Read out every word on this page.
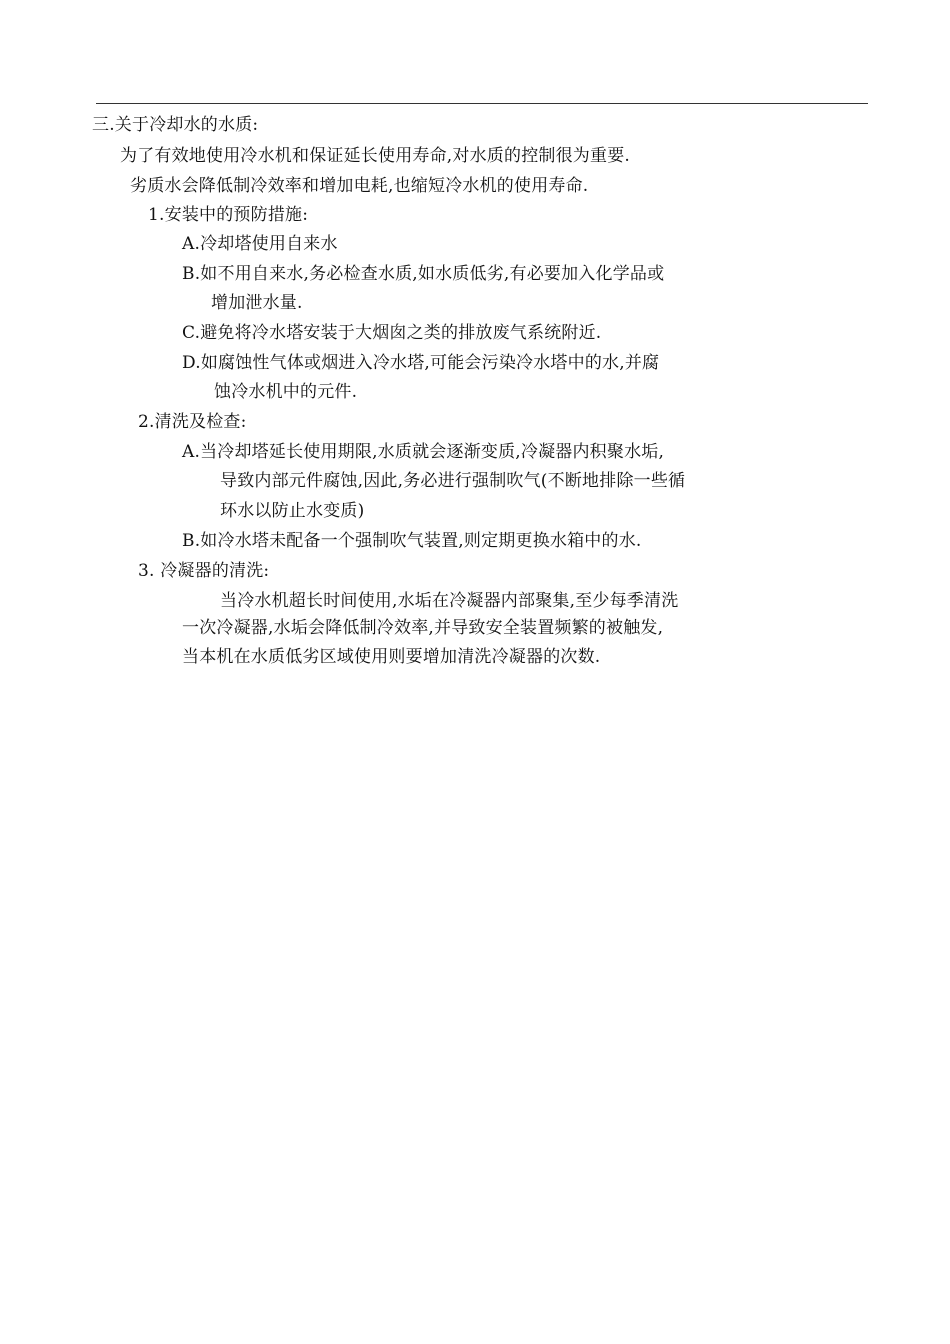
三.关于冷却水的水质:
为了有效地使用冷水机和保证延长使用寿命,对水质的控制很为重要.
劣质水会降低制冷效率和增加电耗,也缩短冷水机的使用寿命.
1.安装中的预防措施:
A.冷却塔使用自来水
B.如不用自来水,务必检查水质,如水质低劣,有必要加入化学品或
增加泄水量.
C.避免将冷水塔安装于大烟囱之类的排放废气系统附近.
D.如腐蚀性气体或烟进入冷水塔,可能会污染冷水塔中的水,并腐
蚀冷水机中的元件.
2.清洗及检查:
A.当冷却塔延长使用期限,水质就会逐渐变质,冷凝器内积聚水垢,
导致内部元件腐蚀,因此,务必进行强制吹气(不断地排除一些循
环水以防止水变质)
B.如冷水塔未配备一个强制吹气装置,则定期更换水箱中的水.
3. 冷凝器的清洗:
当冷水机超长时间使用,水垢在冷凝器内部聚集,至少每季清洗
一次冷凝器,水垢会降低制冷效率,并导致安全装置频繁的被触发,
当本机在水质低劣区域使用则要增加清洗冷凝器的次数.
